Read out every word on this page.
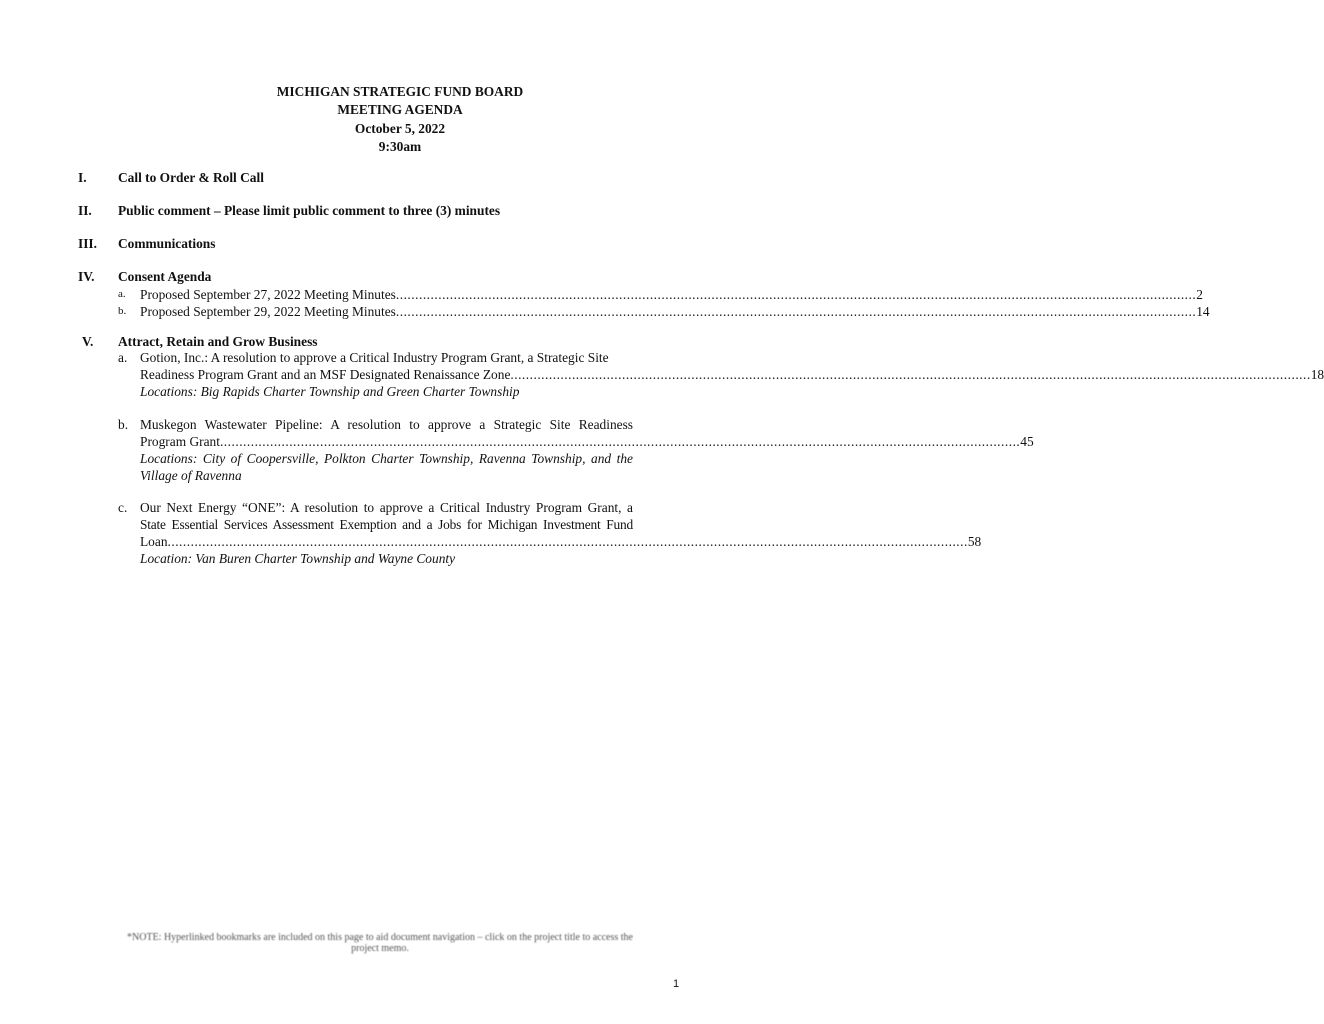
MICHIGAN STRATEGIC FUND BOARD
MEETING AGENDA
October 5, 2022
9:30am
I. Call to Order & Roll Call
II. Public comment – Please limit public comment to three (3) minutes
III. Communications
IV. Consent Agenda
a. Proposed September 27, 2022 Meeting Minutes .....	2
b. Proposed September 29, 2022 Meeting Minutes .....	14
V. Attract, Retain and Grow Business
a. Gotion, Inc.: A resolution to approve a Critical Industry Program Grant, a Strategic Site
Readiness Program Grant and an MSF Designated Renaissance Zone .....	18
Locations: Big Rapids Charter Township and Green Charter Township
b. Muskegon Wastewater Pipeline: A resolution to approve a Strategic Site Readiness
Program Grant .....	45
Locations: City of Coopersville, Polkton Charter Township, Ravenna Township, and the
Village of Ravenna
c. Our Next Energy “ONE”: A resolution to approve a Critical Industry Program Grant, a
State Essential Services Assessment Exemption and a Jobs for Michigan Investment Fund
Loan .....	58
Location: Van Buren Charter Township and Wayne County
*NOTE: Hyperlinked bookmarks are included on this page to aid document navigation – click on the project title to access the project memo.
1
